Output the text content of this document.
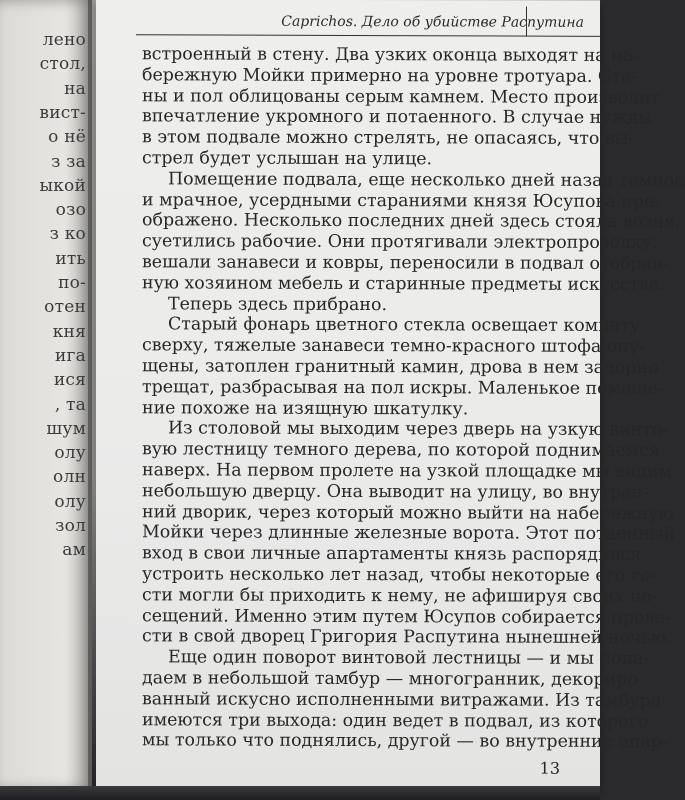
лено
стол,
на
вист-
о нё
з за
ыкой
озо
з ко
ить
по-
отен
кня
ига
ися
, та
шум
олу
олн
олу
зол
ам
Caprichos. Дело об убийстве Распутина
встроенный в стену. Два узких оконца выходят на на-
бережную Мойки примерно на уровне тротуара. Сте-
ны и пол облицованы серым камнем. Место производит
впечатление укромного и потаенного. В случае нужды
в этом подвале можно стрелять, не опасаясь, что вы-
стрел будет услышан на улице.
Помещение подвала, еще несколько дней назад темное
и мрачное, усердными стараниями князя Юсупова пре-
ображено. Несколько последних дней здесь стояла возня,
суетились рабочие. Они протягивали электропроводку,
вешали занавеси и ковры, переносили в подвал отобран-
ную хозяином мебель и старинные предметы искусства.
Теперь здесь прибрано.
Старый фонарь цветного стекла освещает комнату
сверху, тяжелые занавеси темно-красного штофа опу-
щены, затоплен гранитный камин, дрова в нем задорно
трещат, разбрасывая на пол искры. Маленькое помеще-
ние похоже на изящную шкатулку.
Из столовой мы выходим через дверь на узкую винто-
вую лестницу темного дерева, по которой поднимаемся
наверх. На первом пролете на узкой площадке мы видим
небольшую дверцу. Она выводит на улицу, во внутрен-
ний дворик, через который можно выйти на набережную
Мойки через длинные железные ворота. Этот потаенный
вход в свои личные апартаменты князь распорядился
устроить несколько лет назад, чтобы некоторые его го-
сти могли бы приходить к нему, не афишируя своих по-
сещений. Именно этим путем Юсупов собирается прове-
сти в свой дворец Григория Распутина нынешней ночью.
Еще один поворот винтовой лестницы — и мы попа-
даем в небольшой тамбур — многогранник, декориро-
ванный искусно исполненными витражами. Из тамбура
имеются три выхода: один ведет в подвал, из которого
мы только что поднялись, другой — во внутренние апар-
13
